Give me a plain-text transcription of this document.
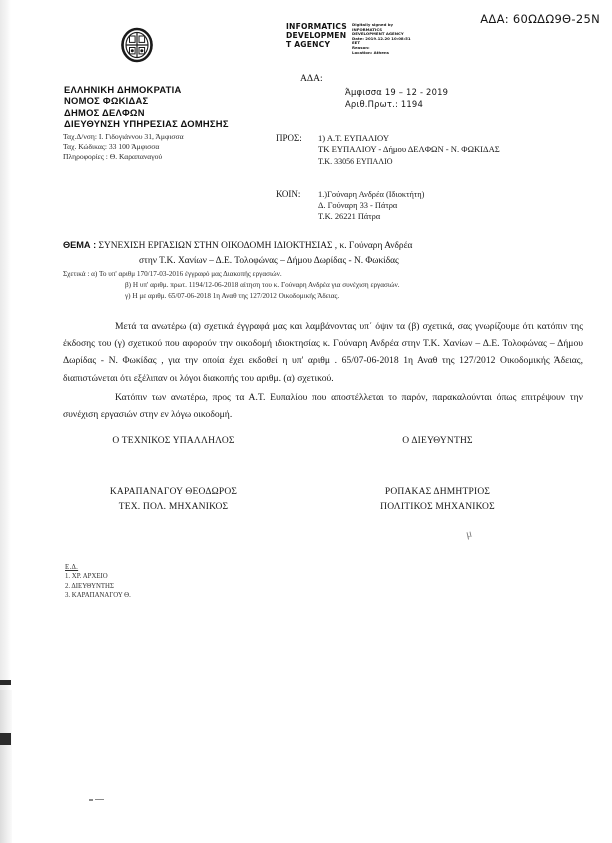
ΑΔΑ: 60ΩΔΩ9Θ-25Ν
INFORMATICS
DEVELOPMEN
T AGENCY
Digitally signed by
INFORMATICS
DEVELOPMENT AGENCY
Date: 2019.12.20 10:08:51
EET
Reason:
Location: Athens
ΕΛΛΗΝΙΚΗ ΔΗΜΟΚΡΑΤΙΑ
ΝΟΜΟΣ ΦΩΚΙΔΑΣ
ΔΗΜΟΣ ΔΕΛΦΩΝ
ΔΙΕΥΘΥΝΣΗ ΥΠΗΡΕΣΙΑΣ ΔΟΜΗΣΗΣ
Ταχ.Δ/νση: Ι. Γιδογιάννου 31, Άμφισσα
Ταχ. Κώδικας: 33 100 Άμφισσα
Πληροφορίες : Θ. Καραπαναγού
ΑΔΑ:
Άμφισσα 19 – 12 - 2019
Αριθ.Πρωτ.: 1194
ΠΡΟΣ: 1) Α.Τ. ΕΥΠΑΛΙΟΥ
ΤΚ ΕΥΠΑΛΙΟΥ - Δήμου ΔΕΛΦΩΝ - Ν. ΦΩΚΙΔΑΣ
Τ.Κ. 33056 ΕΥΠΑΛΙΟ
ΚΟΙΝ: 1.)Γούναρη Ανδρέα (Ιδιοκτήτη)
Δ. Γούναρη 33 - Πάτρα
Τ.Κ. 26221 Πάτρα
ΘΕΜΑ : ΣΥΝΕΧΙΣΗ ΕΡΓΑΣΙΩΝ ΣΤΗΝ ΟΙΚΟΔΟΜΗ ΙΔΙΟΚΤΗΣΙΑΣ , κ. Γούναρη Ανδρέα
στην Τ.Κ. Χανίων – Δ.Ε. Τολοφώνας – Δήμου Δωρίδας - Ν. Φωκίδας
Σχετικά : α) Το υπ' αριθμ 170/17-03-2016 έγγραφό μας Διακοπής εργασιών.
β) Η υπ' αριθμ. πρωτ. 1194/12-06-2018 αίτηση του κ. Γούναρη Ανδρέα για συνέχιση εργασιών.
γ) Η με αριθμ. 65/07-06-2018 1η Αναθ της 127/2012 Οικοδομικής Άδειας.

Μετά τα ανωτέρω (α) σχετικά έγγραφά μας και λαμβάνοντας υπ΄ όψιν τα (β) σχετικά, σας γνωρίζουμε ότι κατόπιν της έκδοσης του (γ) σχετικού που αφορούν την οικοδομή ιδιοκτησίας κ. Γούναρη Ανδρέα στην Τ.Κ. Χανίων – Δ.Ε. Τολοφώνας – Δήμου Δωρίδας - Ν. Φωκίδας , για την οποία έχει εκδοθεί η υπ' αριθμ . 65/07-06-2018 1η Αναθ της 127/2012 Οικοδομικής Άδειας, διαπιστώνεται ότι εξέλιπαν οι λόγοι διακοπής του αριθμ. (α) σχετικού.

Κατόπιν των ανωτέρω, προς τα Α.Τ. Ευπαλίου που αποστέλλεται το παρόν, παρακαλούνται όπως επιτρέψουν την συνέχιση εργασιών στην εν λόγω οικοδομή.

Ο ΤΕΧΝΙΚΟΣ ΥΠΑΛΛΗΛΟΣ
ΚΑΡΑΠΑΝΑΓΟΥ ΘΕΟΔΩΡΟΣ
ΤΕΧ. ΠΟΛ. ΜΗΧΑΝΙΚΟΣ
Ο ΔΙΕΥΘΥΝΤΗΣ
ΡΟΠΑΚΑΣ ΔΗΜΗΤΡΙΟΣ
ΠΟΛΙΤΙΚΟΣ ΜΗΧΑΝΙΚΟΣ
μ
Ε.Δ.
1. ΧΡ. ΑΡΧΕΙΟ
2. ΔΙΕΥΘΥΝΤΗΣ
3. ΚΑΡΑΠΑΝΑΓΟΥ Θ.
